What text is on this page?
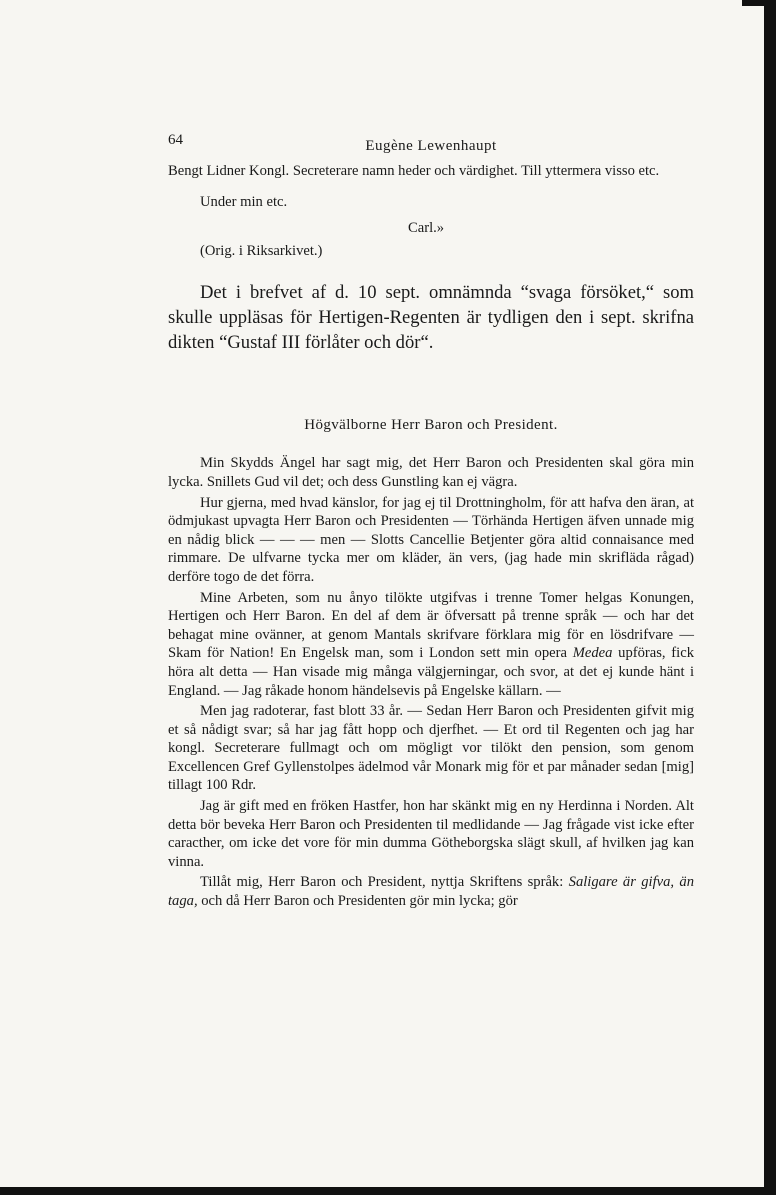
64	Eugène Lewenhaupt

Bengt Lidner Kongl. Secreterare namn heder och värdighet. Till yttermera visso etc.

Under min etc.

Carl.»

(Orig. i Riksarkivet.)

Det i brefvet af d. 10 sept. omnämnda “svaga försöket,“ som skulle uppläsas för Hertigen-Regenten är tydligen den i sept. skrifna dikten “Gustaf III förlåter och dör“.

Högvälborne Herr Baron och President.

Min Skydds Ängel har sagt mig, det Herr Baron och Presidenten skal göra min lycka. Snillets Gud vil det; och dess Gunstling kan ej vägra.

Hur gjerna, med hvad känslor, for jag ej til Drottningholm, för att hafva den äran, at ödmjukast upvagta Herr Baron och Presidenten — Törhända Hertigen äfven unnade mig en nådig blick — — — men — Slotts Cancellie Betjenter göra altid connaisance med rimmare. De ulfvarne tycka mer om kläder, än vers, (jag hade min skrifläda rågad) derföre togo de det förra.

Mine Arbeten, som nu ånyo tilökte utgifvas i trenne Tomer helgas Konungen, Hertigen och Herr Baron. En del af dem är öfversatt på trenne språk — och har det behagat mine ovänner, at genom Mantals skrifvare förklara mig för en lösdrifvare — Skam för Nation! En Engelsk man, som i London sett min opera Medea upföras, fick höra alt detta — Han visade mig många välgjerningar, och svor, at det ej kunde hänt i England. — Jag råkade honom händelsevis på Engelske källarn. —

Men jag radoterar, fast blott 33 år. — Sedan Herr Baron och Presidenten gifvit mig et så nådigt svar; så har jag fått hopp och djerfhet. — Et ord til Regenten och jag har kongl. Secreterare fullmagt och om mögligt vor tilökt den pension, som genom Excellencen Gref Gyllenstolpes ädelmod vår Monark mig för et par månader sedan [mig] tillagt 100 Rdr.

Jag är gift med en fröken Hastfer, hon har skänkt mig en ny Herdinna i Norden. Alt detta bör beveka Herr Baron och Presidenten til medlidande — Jag frågade vist icke efter caracther, om icke det vore för min dumma Götheborgska slägt skull, af hvilken jag kan vinna.

Tillåt mig, Herr Baron och President, nyttja Skriftens språk: Saligare är gifva, än taga, och då Herr Baron och Presidenten gör min lycka; gör
